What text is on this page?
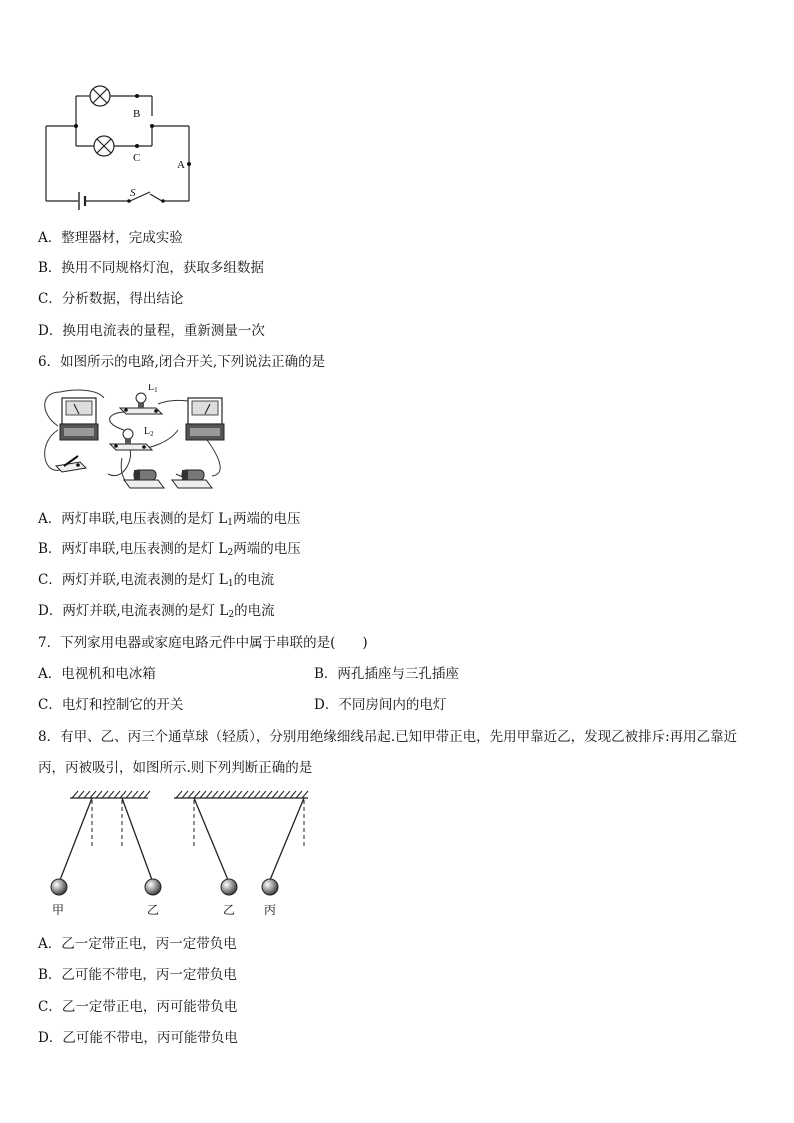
B
C
A
S
A．整理器材，完成实验
B．换用不同规格灯泡，获取多组数据
C．分析数据，得出结论
D．换用电流表的量程，重新测量一次
6．如图所示的电路,闭合开关,下列说法正确的是
$L_1$
$L_2$
A．两灯串联,电压表测的是灯 $L_1$两端的电压
B．两灯串联,电压表测的是灯 $L_2$两端的电压
C．两灯并联,电流表测的是灯 $L_1$的电流
D．两灯并联,电流表测的是灯 $L_2$的电流
7．下列家用电器或家庭电路元件中属于串联的是(　　)
A．电视机和电冰箱	B．两孔插座与三孔插座
C．电灯和控制它的开关	D．不同房间内的电灯
8．有甲、乙、丙三个通草球（轻质），分别用绝缘细线吊起.已知甲带正电，先用甲靠近乙，发现乙被排斥:再用乙靠近
丙，丙被吸引，如图所示.则下列判断正确的是
甲	乙	乙 丙
A．乙一定带正电，丙一定带负电
B．乙可能不带电，丙一定带负电
C．乙一定带正电，丙可能带负电
D．乙可能不带电，丙可能带负电
